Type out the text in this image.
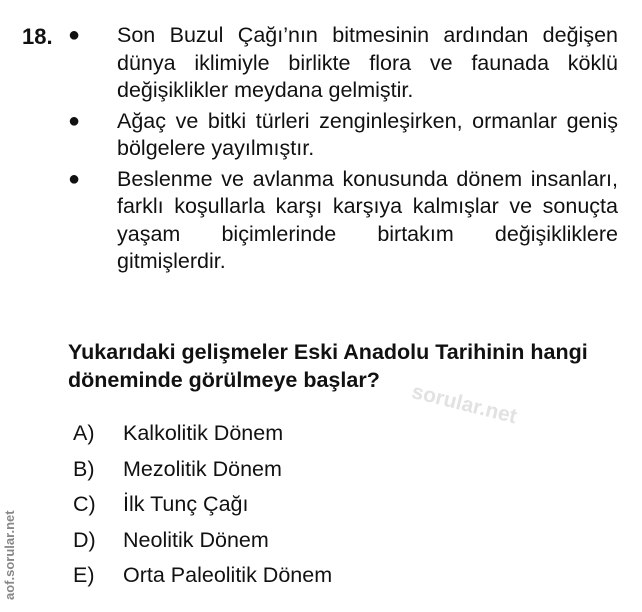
18. ●	Son Buzul Çağı’nın bitmesinin ardından değişen dünya iklimiyle birlikte flora ve faunada köklü değişiklikler meydana gelmiştir.
●	Ağaç ve bitki türleri zenginleşirken, ormanlar geniş bölgelere yayılmıştır.
●	Beslenme ve avlanma konusunda dönem insanları, farklı koşullarla karşı karşıya kalmışlar ve sonuçta yaşam biçimlerinde birtakım değişikliklere gitmişlerdir.
Yukarıdaki gelişmeler Eski Anadolu Tarihinin hangi döneminde görülmeye başlar?	sorular.net
A)	Kalkolitik Dönem
B)	Mezolitik Dönem
C)	İlk Tunç Çağı
D)	Neolitik Dönem
E)	Orta Paleolitik Dönem
aof.sorular.net
